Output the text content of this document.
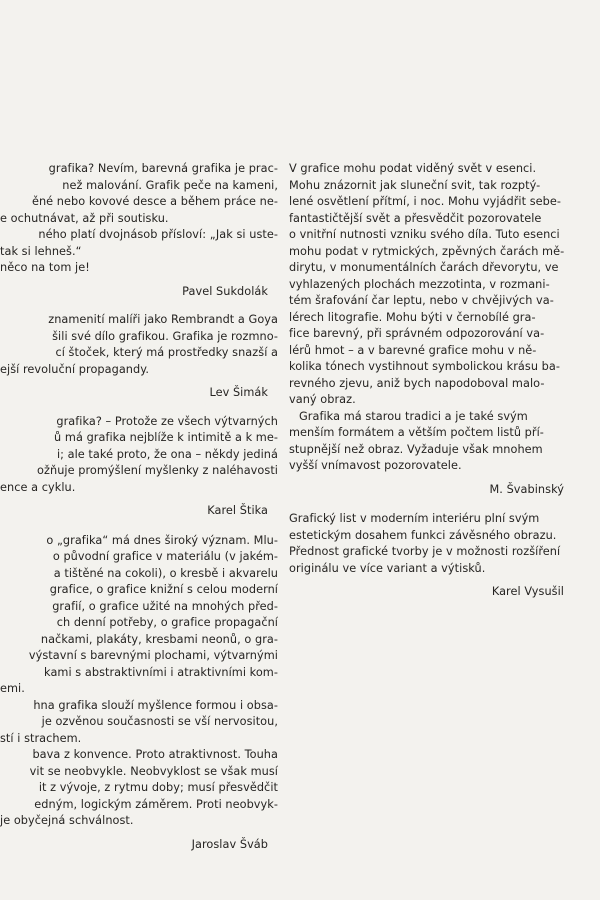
grafika? Nevím, barevná grafika je prac-
než malování. Grafik peče na kameni,
ěné nebo kovové desce a během práce ne-
e ochutnávat, až při soutisku.
ného platí dvojnásob přísloví: „Jak si uste-
tak si lehneš.“
něco na tom je!
Pavel Sukdolák
znamenití malíři jako Rembrandt a Goya
šili své dílo grafikou. Grafika je rozmno-
cí štoček, který má prostředky snazší a
ejší revoluční propagandy.
Lev Šimák
grafika? – Protože ze všech výtvarných
ů má grafika nejblíže k intimitě a k me-
i; ale také proto, že ona – někdy jediná
ožňuje promýšlení myšlenky z naléhavosti
ence a cyklu.
Karel Štika
o „grafika“ má dnes široký význam. Mlu-
o původní grafice v materiálu (v jakém-
a tištěné na cokoli), o kresbě i akvarelu
grafice, o grafice knižní s celou moderní
grafií, o grafice užité na mnohých před-
ch denní potřeby, o grafice propagační
načkami, plakáty, kresbami neonů, o gra-
výstavní s barevnými plochami, výtvarnými
kami s abstraktivními i atraktivními kom-
emi.
hna grafika slouží myšlence formou i obsa-
je ozvěnou současnosti se vší nervositou,
stí i strachem.
bava z konvence. Proto atraktivnost. Touha
vit se neobvykle. Neobvyklost se však musí
it z vývoje, z rytmu doby; musí přesvědčit
edným, logickým záměrem. Proti neobvyk-
je obyčejná schválnost.
Jaroslav Šváb
V grafice mohu podat viděný svět v esenci.
Mohu znázornit jak sluneční svit, tak rozptý-
lené osvětlení přítmí, i noc. Mohu vyjádřit sebe-
fantastičtější svět a přesvědčit pozorovatele
o vnitřní nutnosti vzniku svého díla. Tuto esenci
mohu podat v rytmických, zpěvných čarách mě-
dirytu, v monumentálních čarách dřevorytu, ve
vyhlazených plochách mezzotinta, v rozmani-
tém šrafování čar leptu, nebo v chvějivých va-
lérech litografie. Mohu býti v černobílé gra-
fice barevný, při správném odpozorování va-
lérů hmot – a v barevné grafice mohu v ně-
kolika tónech vystihnout symbolickou krásu ba-
revného zjevu, aniž bych napodoboval malo-
vaný obraz.
Grafika má starou tradici a je také svým
menším formátem a větším počtem listů pří-
stupnější než obraz. Vyžaduje však mnohem
vyšší vnímavost pozorovatele.
M. Švabinský
Grafický list v moderním interiéru plní svým
estetickým dosahem funkci závěsného obrazu.
Přednost grafické tvorby je v možnosti rozšíření
originálu ve více variant a výtisků.
Karel Vysušil
